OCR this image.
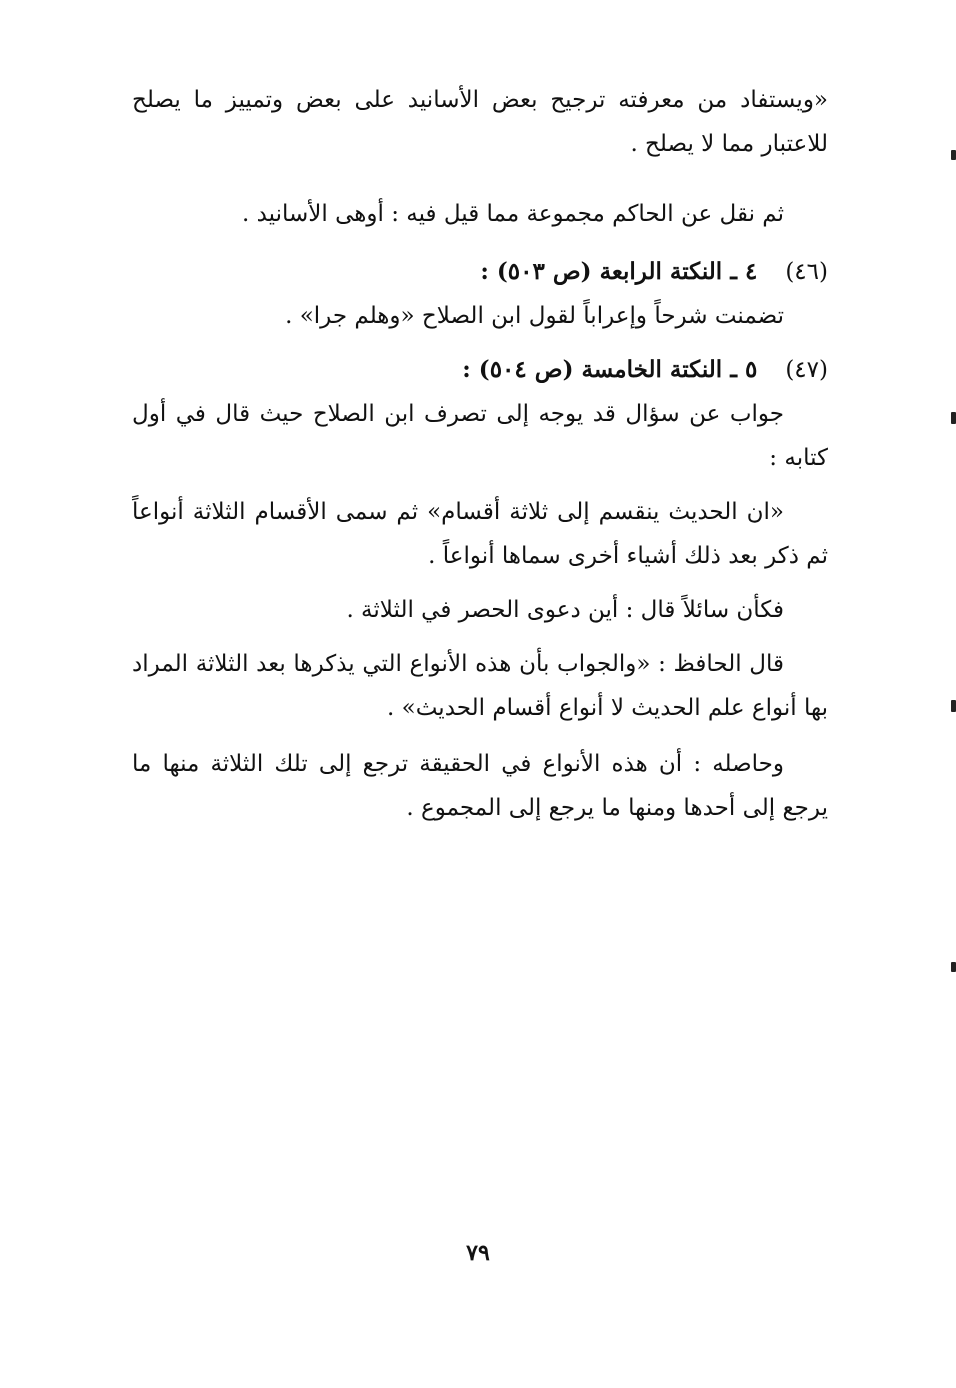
«ويستفاد من معرفته ترجيح بعض الأسانيد على بعض وتمييز ما يصلح للاعتبار مما لا يصلح .

ثم نقل عن الحاكم مجموعة مما قيل فيه : أوهى الأسانيد .

(٤٦)٤ ـ النكتة الرابعة (ص ٥٠٣) :

تضمنت شرحاً وإعراباً لقول ابن الصلاح «وهلم جرا» .

(٤٧)٥ ـ النكتة الخامسة (ص ٥٠٤) :

جواب عن سؤال قد يوجه إلى تصرف ابن الصلاح حيث قال في أول كتابه :

«ان الحديث ينقسم إلى ثلاثة أقسام» ثم سمى الأقسام الثلاثة أنواعاً ثم ذكر بعد ذلك أشياء أخرى سماها أنواعاً .

فكأن سائلاً قال : أين دعوى الحصر في الثلاثة .

قال الحافظ : «والجواب بأن هذه الأنواع التي يذكرها بعد الثلاثة المراد بها أنواع علم الحديث لا أنواع أقسام الحديث» .

وحاصله : أن هذه الأنواع في الحقيقة ترجع إلى تلك الثلاثة منها ما يرجع إلى أحدها ومنها ما يرجع إلى المجموع .

٧٩
